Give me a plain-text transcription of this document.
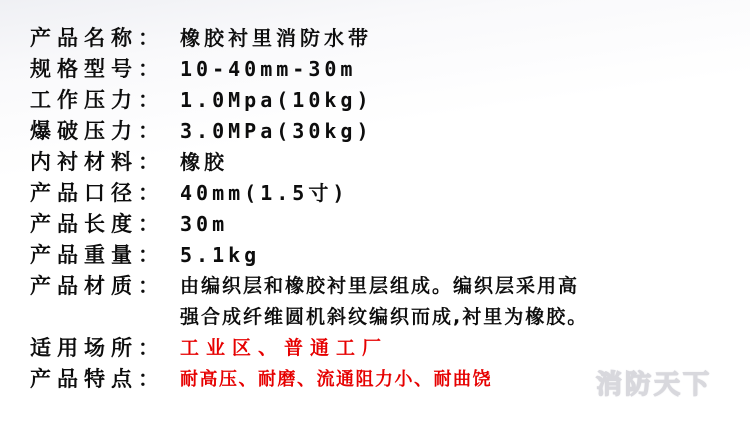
产品名称： 橡胶衬里消防水带
规格型号： 10-40mm-30m
工作压力： 1.0Mpa(10kg)
爆破压力： 3.0MPa(30kg)
内衬材料： 橡胶
产品口径： 40mm(1.5寸)
产品长度： 30m
产品重量： 5.1kg
产品材质： 由编织层和橡胶衬里层组成。编织层采用高
强合成纤维圆机斜纹编织而成,衬里为橡胶。
适用场所： 工业区、普通工厂
产品特点： 耐高压、耐磨、流通阻力小、耐曲饶	消防天下
